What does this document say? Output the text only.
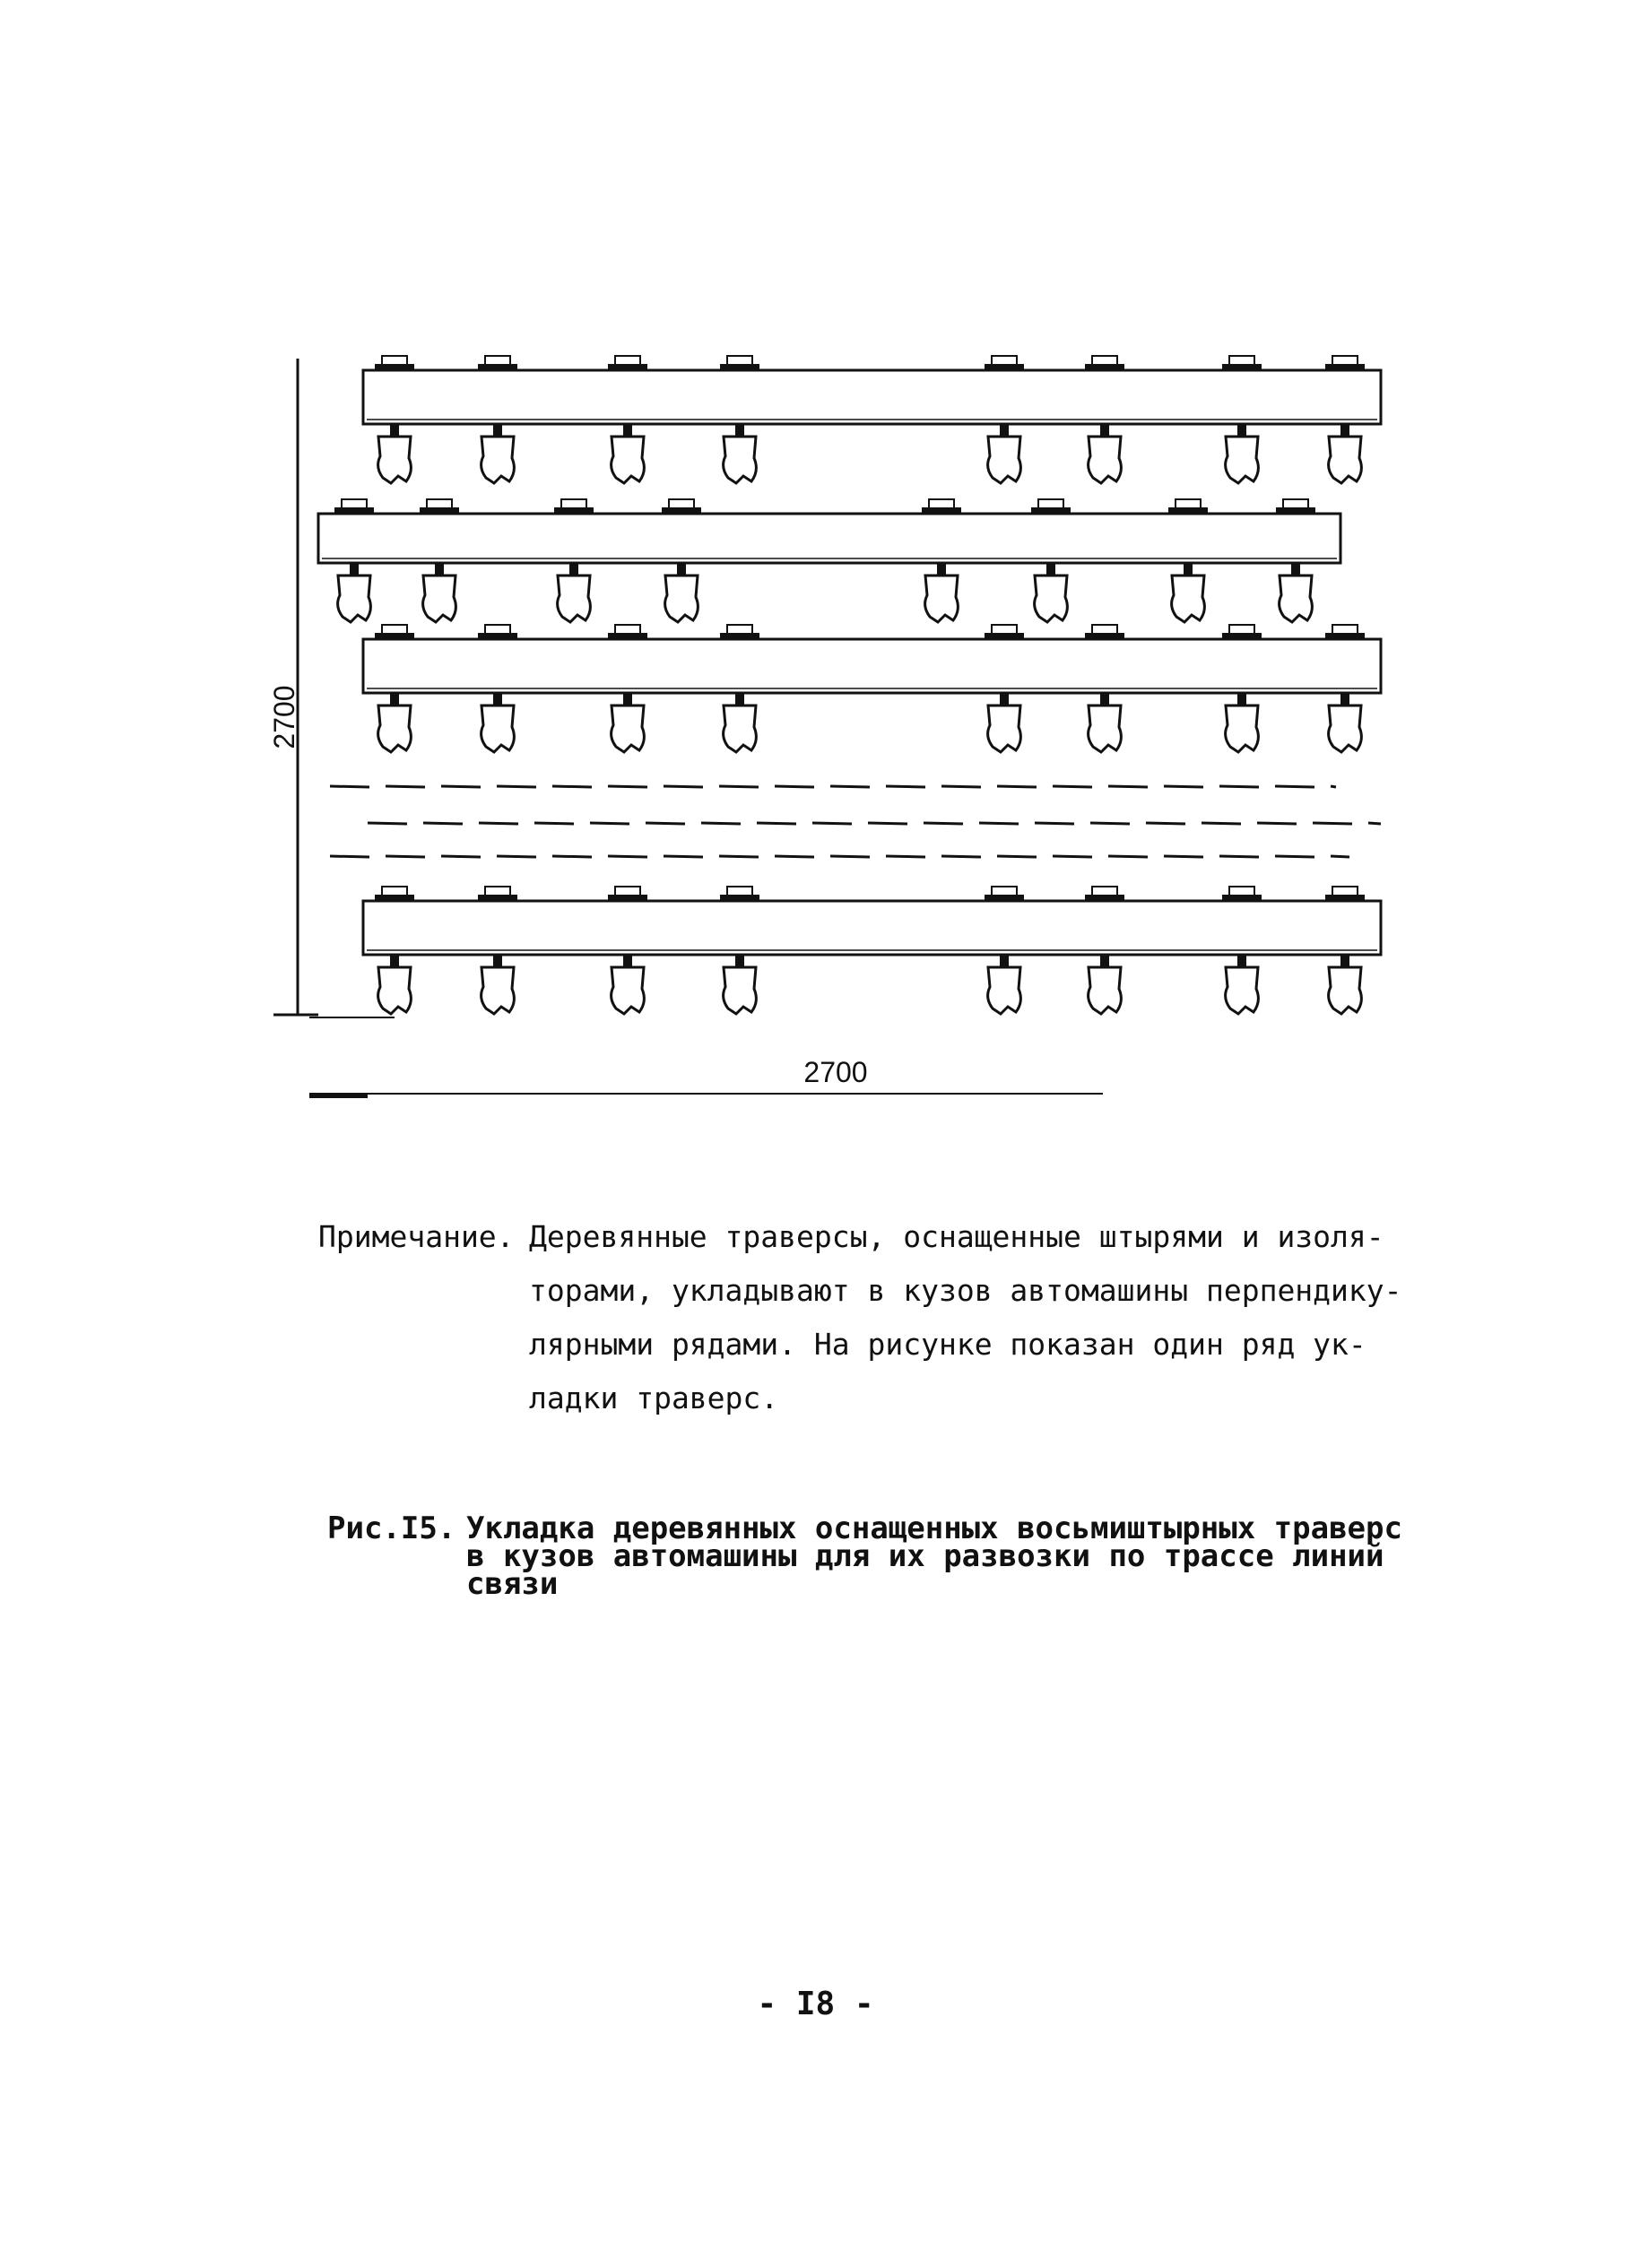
2700
2700
Примечание. Деревянные траверсы, оснащенные штырями и изоля-
торами, укладывают в кузов автомашины перпендику-
лярными рядами. На рисунке показан один ряд ук-
ладки траверс.
Рис.I5. Укладка деревянных оснащенных восьмиштырных траверс
в кузов автомашины для их развозки по трассе линий
связи
- I8 -
